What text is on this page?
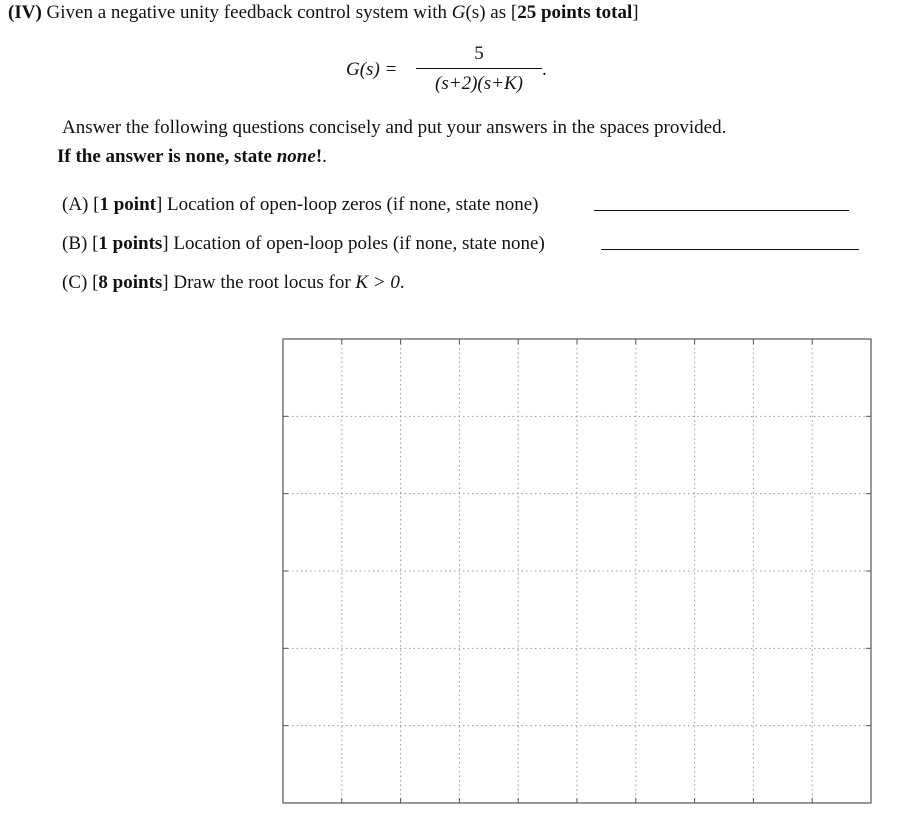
(IV) Given a negative unity feedback control system with G(s) as [25 points total]
G(s) =
5
(s+2)(s+K)
.
Answer the following questions concisely and put your answers in the spaces provided.
If the answer is none, state none!.
(A) [1 point] Location of open-loop zeros (if none, state none)
(B) [1 points] Location of open-loop poles (if none, state none)
(C) [8 points] Draw the root locus for K > 0.
